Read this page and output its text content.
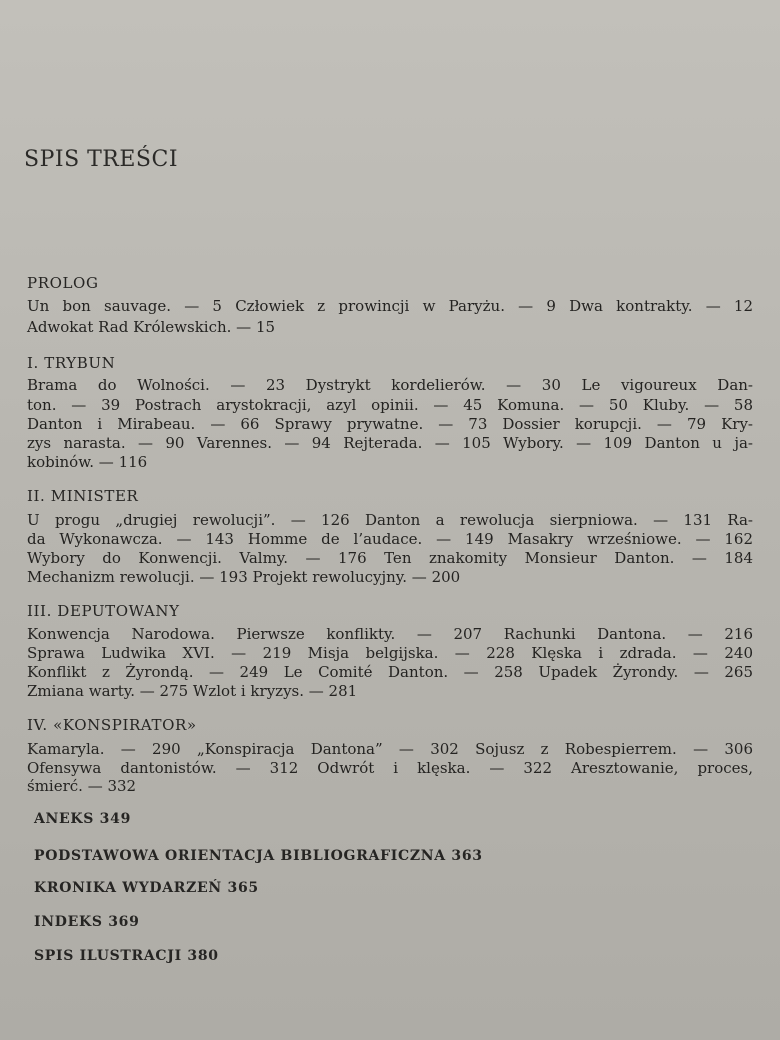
SPIS TREŚCI
PROLOG
Un bon sauvage. — 5 Człowiek z prowincji w Paryżu. — 9 Dwa kontrakty. — 12
Adwokat Rad Królewskich. — 15
I. TRYBUN
Brama do Wolności. — 23 Dystrykt kordelierów. — 30 Le vigoureux Dan-
ton. — 39 Postrach arystokracji, azyl opinii. — 45 Komuna. — 50 Kluby. — 58
Danton i Mirabeau. — 66 Sprawy prywatne. — 73 Dossier korupcji. — 79 Kry-
zys narasta. — 90 Varennes. — 94 Rejterada. — 105 Wybory. — 109 Danton u ja-
kobinów. — 116
II. MINISTER
U progu „drugiej rewolucji”. — 126 Danton a rewolucja sierpniowa. — 131 Ra-
da Wykonawcza. — 143 Homme de l’audace. — 149 Masakry wrześniowe. — 162
Wybory do Konwencji. Valmy. — 176 Ten znakomity Monsieur Danton. — 184
Mechanizm rewolucji. — 193 Projekt rewolucyjny. — 200
III. DEPUTOWANY
Konwencja Narodowa. Pierwsze konflikty. — 207 Rachunki Dantona. — 216
Sprawa Ludwika XVI. — 219 Misja belgijska. — 228 Klęska i zdrada. — 240
Konflikt z Żyrondą. — 249 Le Comité Danton. — 258 Upadek Żyrondy. — 265
Zmiana warty. — 275 Wzlot i kryzys. — 281
IV. «KONSPIRATOR»
Kamaryla. — 290 „Konspiracja Dantona” — 302 Sojusz z Robespierrem. — 306
Ofensywa dantonistów. — 312 Odwrót i klęska. — 322 Aresztowanie, proces,
śmierć. — 332
ANEKS 349
PODSTAWOWA ORIENTACJA BIBLIOGRAFICZNA 363
KRONIKA WYDARZEŃ 365
INDEKS 369
SPIS ILUSTRACJI 380
